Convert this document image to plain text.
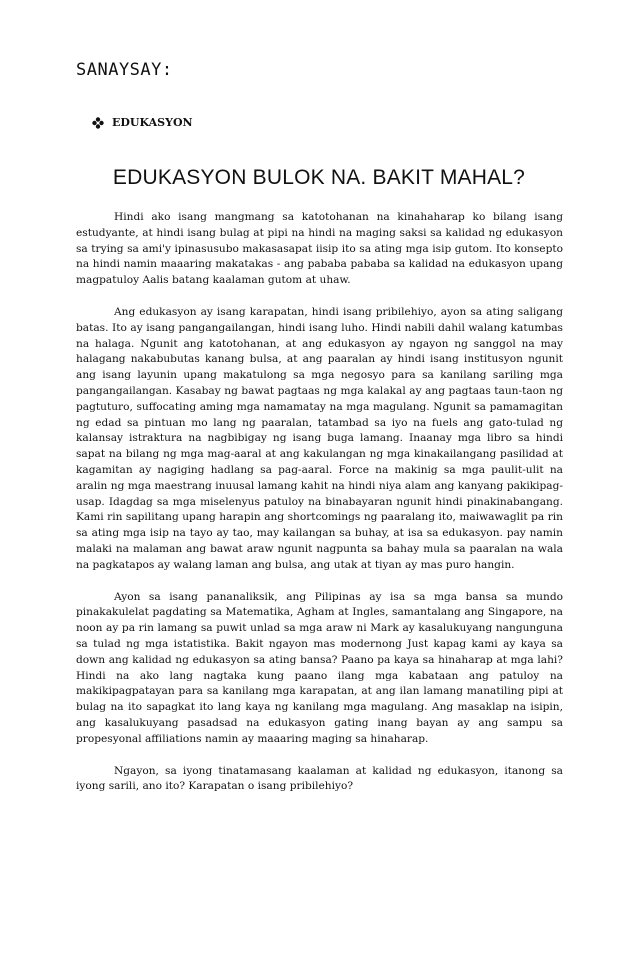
SANAYSAY:
EDUKASYON
EDUKASYON BULOK NA. BAKIT MAHAL?

Hindi ako isang mangmang sa katotohanan na kinahaharap ko bilang isang estudyante, at hindi isang bulag at pipi na hindi na maging saksi sa kalidad ng edukasyon sa trying sa ami'y ipinasusubo makasasapat iisip ito sa ating mga isip gutom. Ito konsepto na hindi namin maaaring makatakas - ang pababa pababa sa kalidad na edukasyon upang magpatuloy Aalis batang kaalaman gutom at uhaw.

Ang edukasyon ay isang karapatan, hindi isang pribilehiyo, ayon sa ating saligang batas. Ito ay isang pangangailangan, hindi isang luho. Hindi nabili dahil walang katumbas na halaga. Ngunit ang katotohanan, at ang edukasyon ay ngayon ng sanggol na may halagang nakabubutas kanang bulsa, at ang paaralan ay hindi isang institusyon ngunit ang isang layunin upang makatulong sa mga negosyo para sa kanilang sariling mga pangangailangan. Kasabay ng bawat pagtaas ng mga kalakal ay ang pagtaas taun-taon ng pagtuturo, suffocating aming mga namamatay na mga magulang. Ngunit sa pamamagitan ng edad sa pintuan mo lang ng paaralan, tatambad sa iyo na fuels ang gato-tulad ng kalansay istraktura na nagbibigay ng isang buga lamang. Inaanay mga libro sa hindi sapat na bilang ng mga mag-aaral at ang kakulangan ng mga kinakailangang pasilidad at kagamitan ay nagiging hadlang sa pag-aaral. Force na makinig sa mga paulit-ulit na aralin ng mga maestrang inuusal lamang kahit na hindi niya alam ang kanyang pakikipag-usap. Idagdag sa mga miselenyus patuloy na binabayaran ngunit hindi pinakinabangang. Kami rin sapilitang upang harapin ang shortcomings ng paaralang ito, maiwawaglit pa rin sa ating mga isip na tayo ay tao, may kailangan sa buhay, at isa sa edukasyon. pay namin malaki na malaman ang bawat araw ngunit nagpunta sa bahay mula sa paaralan na wala na pagkatapos ay walang laman ang bulsa, ang utak at tiyan ay mas puro hangin.

Ayon sa isang pananaliksik, ang Pilipinas ay isa sa mga bansa sa mundo pinakakulelat pagdating sa Matematika, Agham at Ingles, samantalang ang Singapore, na noon ay pa rin lamang sa puwit unlad sa mga araw ni Mark ay kasalukuyang nangunguna sa tulad ng mga istatistika. Bakit ngayon mas modernong Just kapag kami ay kaya sa down ang kalidad ng edukasyon sa ating bansa? Paano pa kaya sa hinaharap at mga lahi? Hindi na ako lang nagtaka kung paano ilang mga kabataan ang patuloy na makikipagpatayan para sa kanilang mga karapatan, at ang ilan lamang manatiling pipi at bulag na ito sapagkat ito lang kaya ng kanilang mga magulang. Ang masaklap na isipin, ang kasalukuyang pasadsad na edukasyon gating inang bayan ay ang sampu sa propesyonal affiliations namin ay maaaring maging sa hinaharap.

Ngayon, sa iyong tinatamasang kaalaman at kalidad ng edukasyon, itanong sa iyong sarili, ano ito? Karapatan o isang pribilehiyo?
